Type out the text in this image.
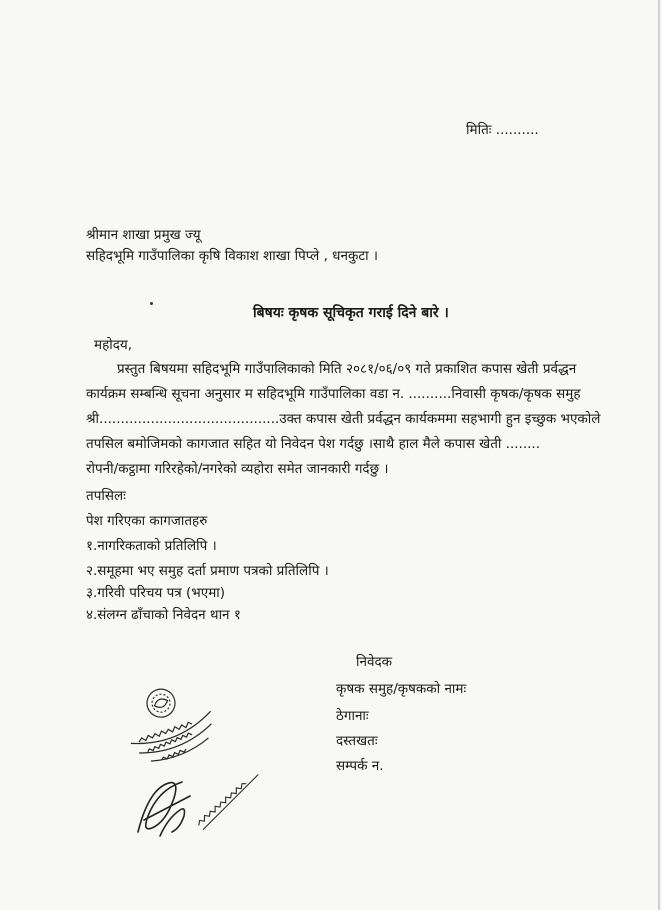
मितिः ..........
श्रीमान शाखा प्रमुख ज्यू
सहिदभूमि गाउँपालिका कृषि विकाश शाखा पिप्ले , धनकुटा ।
बिषयः कृषक सूचिकृत गराई दिने बारे ।
महोदय,
प्रस्तुत बिषयमा सहिदभूमि गाउँपालिकाको मिति २०८१/०६/०९ गते प्रकाशित कपास खेती प्रर्वद्धन
कार्यक्रम सम्बन्धि सूचना अनुसार म सहिदभूमि गाउँपालिका वडा न. ..........निवासी कृषक/कृषक समुह
श्री..........................................उक्त कपास खेती प्रर्वद्धन कार्यकममा सहभागी हुन इच्छुक भएकोले
तपसिल बमोजिमको कागजात सहित यो निवेदन पेश गर्दछु ।साथै हाल मैले कपास खेती ........
रोपनी/कट्ठामा गरिरहेको/नगरेको व्यहोरा समेत जानकारी गर्दछु ।
तपसिलः
पेश गरिएका कागजातहरु
१.नागरिकताको प्रतिलिपि ।
२.समूहमा भए समुह दर्ता प्रमाण पत्रको प्रतिलिपि ।
३.गरिवी परिचय पत्र (भएमा)
४.संलग्न ढाँचाको निवेदन थान १
निवेदक
कृषक समुह/कृषकको नामः
ठेगानाः
दस्तखतः
सम्पर्क न.
